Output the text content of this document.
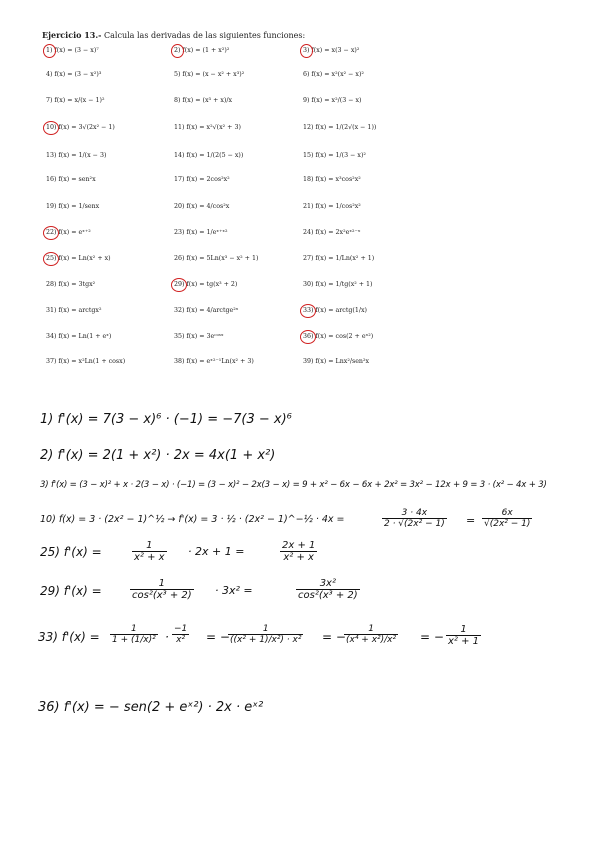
Ejercicio 13.- Calcula las derivadas de las siguientes funciones:
1) f(x) = (3 − x)⁷	2) f(x) = (1 + x²)²	3) f(x) = x(3 − x)²
4) f(x) = (3 − x²)³	5) f(x) = (x − x² + x³)²	6) f(x) = x²(x² − x)²
7) f(x) = x/(x − 1)²	8) f(x) = (x³ + x)/x	9) f(x) = x²/(3 − x)
10) f(x) = 3√(2x² − 1)	11) f(x) = x²√(x² + 3)	12) f(x) = 1/(2√(x − 1))
13) f(x) = 1/(x − 3)	14) f(x) = 1/(2(5 − x))	15) f(x) = 1/(3 − x)²
16) f(x) = sen²x	17) f(x) = 2cos²x²	18) f(x) = x³cos²x²
19) f(x) = 1/senx	20) f(x) = 4/cos²x	21) f(x) = 1/cos²x²
22) f(x) = eˣ⁺²	23) f(x) = 1/eˣ⁺ˣ²	24) f(x) = 2x²eˣ²⁻ˣ
25) f(x) = Ln(x² + x)	26) f(x) = 5Ln(x³ − x² + 1)	27) f(x) = 1/Ln(x² + 1)
28) f(x) = 3tgx²	29) f(x) = tg(x³ + 2)	30) f(x) = 1/tg(x² + 1)
31) f(x) = arctgx²	32) f(x) = 4/arctge²ˣ	33) f(x) = arctg(1/x)
34) f(x) = Ln(1 + eˣ)	35) f(x) = 3eᶜᵒˢˣ	36) f(x) = cos(2 + eˣ²)
37) f(x) = x²Ln(1 + cosx)	38) f(x) = eˣ²⁻¹Ln(x² + 3)	39) f(x) = Lnx²/sen²x
1) f'(x) = 7(3 − x)⁶ · (−1) = −7(3 − x)⁶
2) f'(x) = 2(1 + x²) · 2x = 4x(1 + x²)
3) f'(x) = (3 − x)² + x · 2(3 − x) · (−1) = (3 − x)² − 2x(3 − x) = 9 + x² − 6x − 6x + 2x² = 3x² − 12x + 9 = 3 · (x² − 4x + 3)
10) f(x) = 3 · (2x² − 1)^½ → f'(x) = 3 · ½ · (2x² − 1)^−½ · 4x =	$\frac{3 \cdot 4x}{\text{2 · √(2x² − 1)}} = \frac{6x}{\text{√(2x² − 1)}}$
25) f'(x) =	$\frac{1}{\text{x² + x}} \cdot 2x + 1$ =	$\frac{2x + 1}{\text{x² + x}}$
29) f'(x) =	$\frac{1}{\text{cos²(x³ + 2)}} \cdot 3x^2$ =	$\frac{\text{3x²}}{\text{cos²(x³ + 2)}}$
33) $f'(x) = \frac{1}{\text{1 + (1/x)²}} \cdot \frac{-1}{\text{x²}}$ = −
$\frac{1}{\text{((x² + 1)/x²) · x²}}$ = −
$\frac{1}{\text{(x⁴ + x²)/x²}}$ = − $\frac{1}{\text{x² + 1}}$
36) f'(x) = − sen(2 + eˣ²) · 2x · eˣ²
